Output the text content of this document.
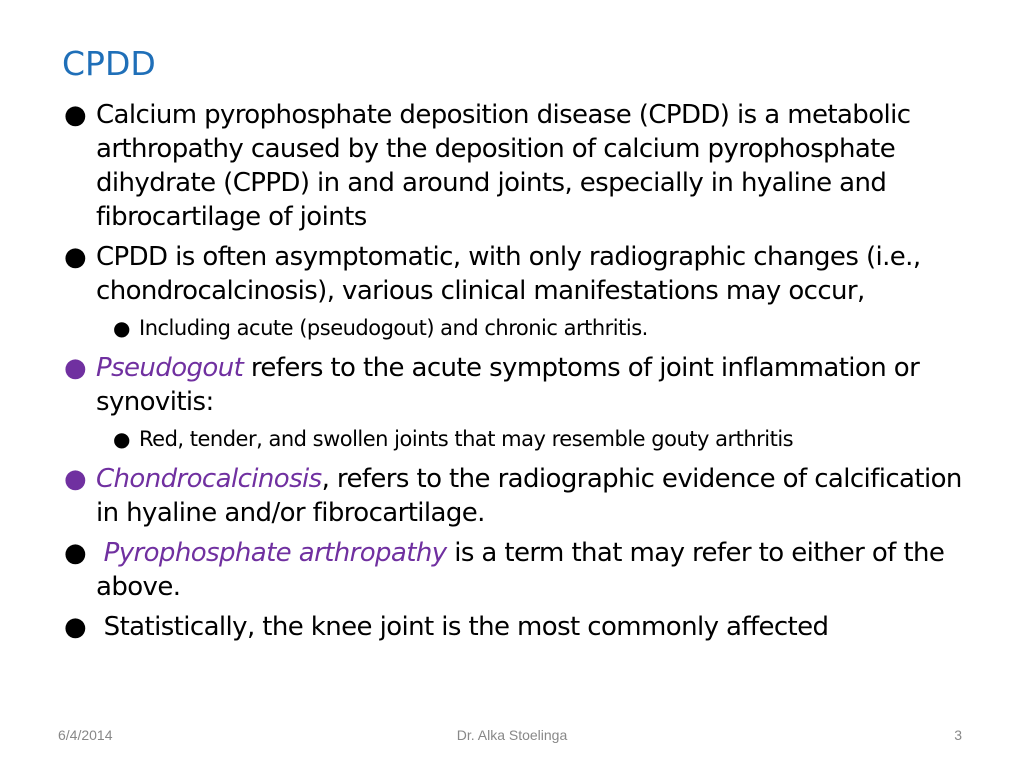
CPDD
● Calcium pyrophosphate deposition disease (CPDD) is a metabolic arthropathy caused by the deposition of calcium pyrophosphate dihydrate (CPPD) in and around joints, especially in hyaline and fibrocartilage of joints
● CPDD is often asymptomatic, with only radiographic changes (i.e., chondrocalcinosis), various clinical manifestations may occur,
● Including acute (pseudogout) and chronic arthritis.
● Pseudogout refers to the acute symptoms of joint inflammation or synovitis:
● Red, tender, and swollen joints that may resemble gouty arthritis
● Chondrocalcinosis, refers to the radiographic evidence of calcification in hyaline and/or fibrocartilage.
● Pyrophosphate arthropathy is a term that may refer to either of the above.
● Statistically, the knee joint is the most commonly affected
6/4/2014	Dr. Alka Stoelinga	3
